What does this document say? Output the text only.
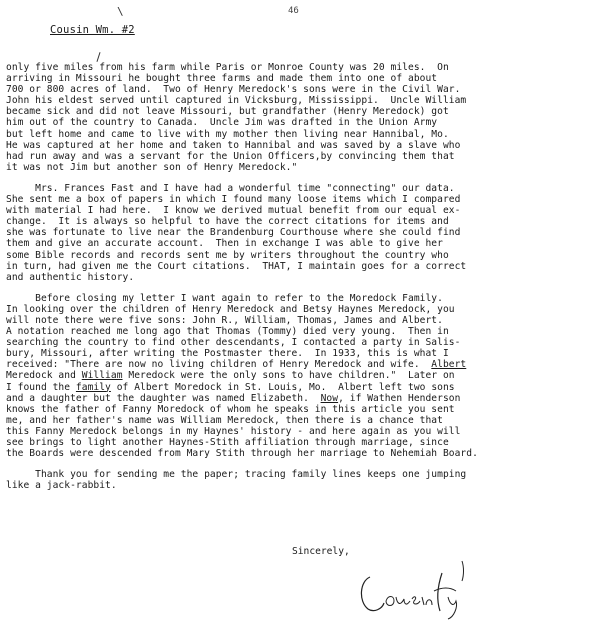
46
\
Cousin Wm. #2
only five miles from his farm while Paris or Monroe County was 20 miles.  On
arriving in Missouri he bought three farms and made them into one of about
700 or 800 acres of land.  Two of Henry Meredock's sons were in the Civil War.
John his eldest served until captured in Vicksburg, Mississippi.  Uncle William
became sick and did not leave Missouri, but grandfather (Henry Meredock) got
him out of the country to Canada.  Uncle Jim was drafted in the Union Army
but left home and came to live with my mother then living near Hannibal, Mo.
He was captured at her home and taken to Hannibal and was saved by a slave who
had run away and was a servant for the Union Officers,by convincing them that
it was not Jim but another son of Henry Meredock."
Mrs. Frances Fast and I have had a wonderful time "connecting" our data.
She sent me a box of papers in which I found many loose items which I compared
with material I had here.  I know we derived mutual benefit from our equal ex-
change.  It is always so helpful to have the correct citations for items and
she was fortunate to live near the Brandenburg Courthouse where she could find
them and give an accurate account.  Then in exchange I was able to give her
some Bible records and records sent me by writers throughout the country who
in turn, had given me the Court citations.  THAT, I maintain goes for a correct
and authentic history.
Before closing my letter I want again to refer to the Moredock Family.
In looking over the children of Henry Meredock and Betsy Haynes Meredock, you
will note there were five sons: John R., William, Thomas, James and Albert.
A notation reached me long ago that Thomas (Tommy) died very young.  Then in
searching the country to find other descendants, I contacted a party in Salis-
bury, Missouri, after writing the Postmaster there.  In 1933, this is what I
received: "There are now no living children of Henry Meredock and wife.  Albert
Meredock and William Meredock were the only sons to have children."  Later on
I found the family of Albert Moredock in St. Louis, Mo.  Albert left two sons
and a daughter but the daughter was named Elizabeth.  Now, if Wathen Henderson
knows the father of Fanny Moredock of whom he speaks in this article you sent
me, and her father's name was William Meredock, then there is a chance that
this Fanny Meredock belongs in my Haynes' history - and here again as you will
see brings to light another Haynes-Stith affiliation through marriage, since
the Boards were descended from Mary Stith through her marriage to Nehemiah Board.
Thank you for sending me the paper; tracing family lines keeps one jumping
like a jack-rabbit.
Sincerely,
